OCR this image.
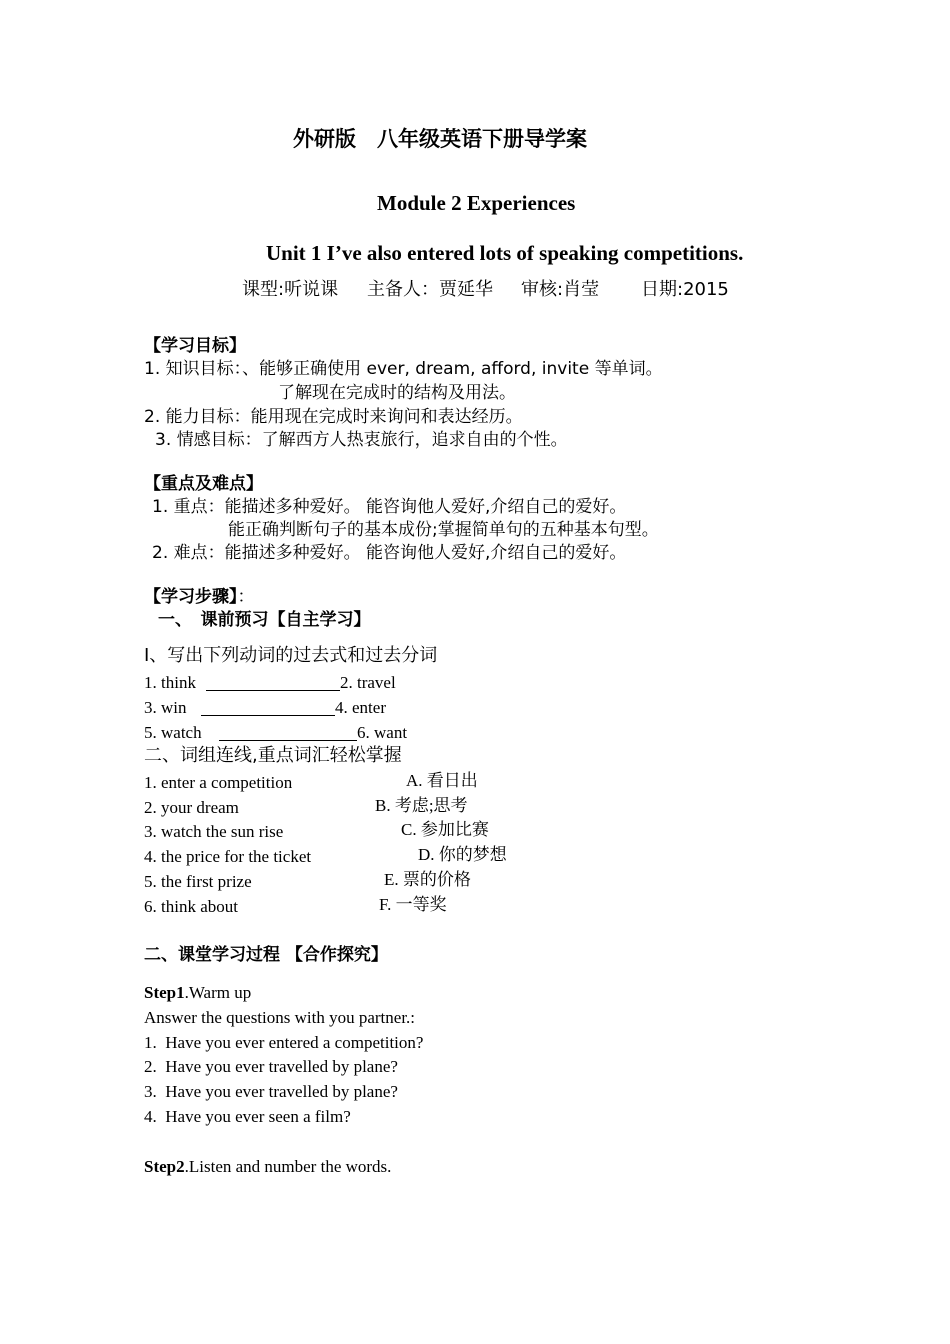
外研版　八年级英语下册导学案
Module 2 Experiences
Unit 1 I’ve also entered lots of speaking competitions.
课型:听说课 主备人：贾延华 审核:肖莹 日期:2015
【学习目标】
1. 知识目标：、能够正确使用 ever, dream, afford, invite 等单词。
了解现在完成时的结构及用法。
2. 能力目标：能用现在完成时来询问和表达经历。
3. 情感目标：了解西方人热衷旅行，追求自由的个性。
【重点及难点】
1. 重点：能描述多种爱好。 能咨询他人爱好,介绍自己的爱好。
能正确判断句子的基本成份;掌握简单句的五种基本句型。
2. 难点：能描述多种爱好。 能咨询他人爱好,介绍自己的爱好。
【学习步骤】：
一、　课前预习【自主学习】
I、写出下列动词的过去式和过去分词
1. think	2. travel
3. win	4. enter
5. watch	6. want
二、词组连线,重点词汇轻松掌握
1. enter a competition	A. 看日出
2. your dream	B. 考虑;思考
3. watch the sun rise	C. 参加比赛
4. the price for the ticket	D. 你的梦想
5. the first prize	E. 票的价格
6. think about	F. 一等奖
二、课堂学习过程 【合作探究】
Step1.Warm up
Answer the questions with you partner.:
1.  Have you ever entered a competition?
2.  Have you ever travelled by plane?
3.  Have you ever travelled by plane?
4.  Have you ever seen a film?
Step2.Listen and number the words.
